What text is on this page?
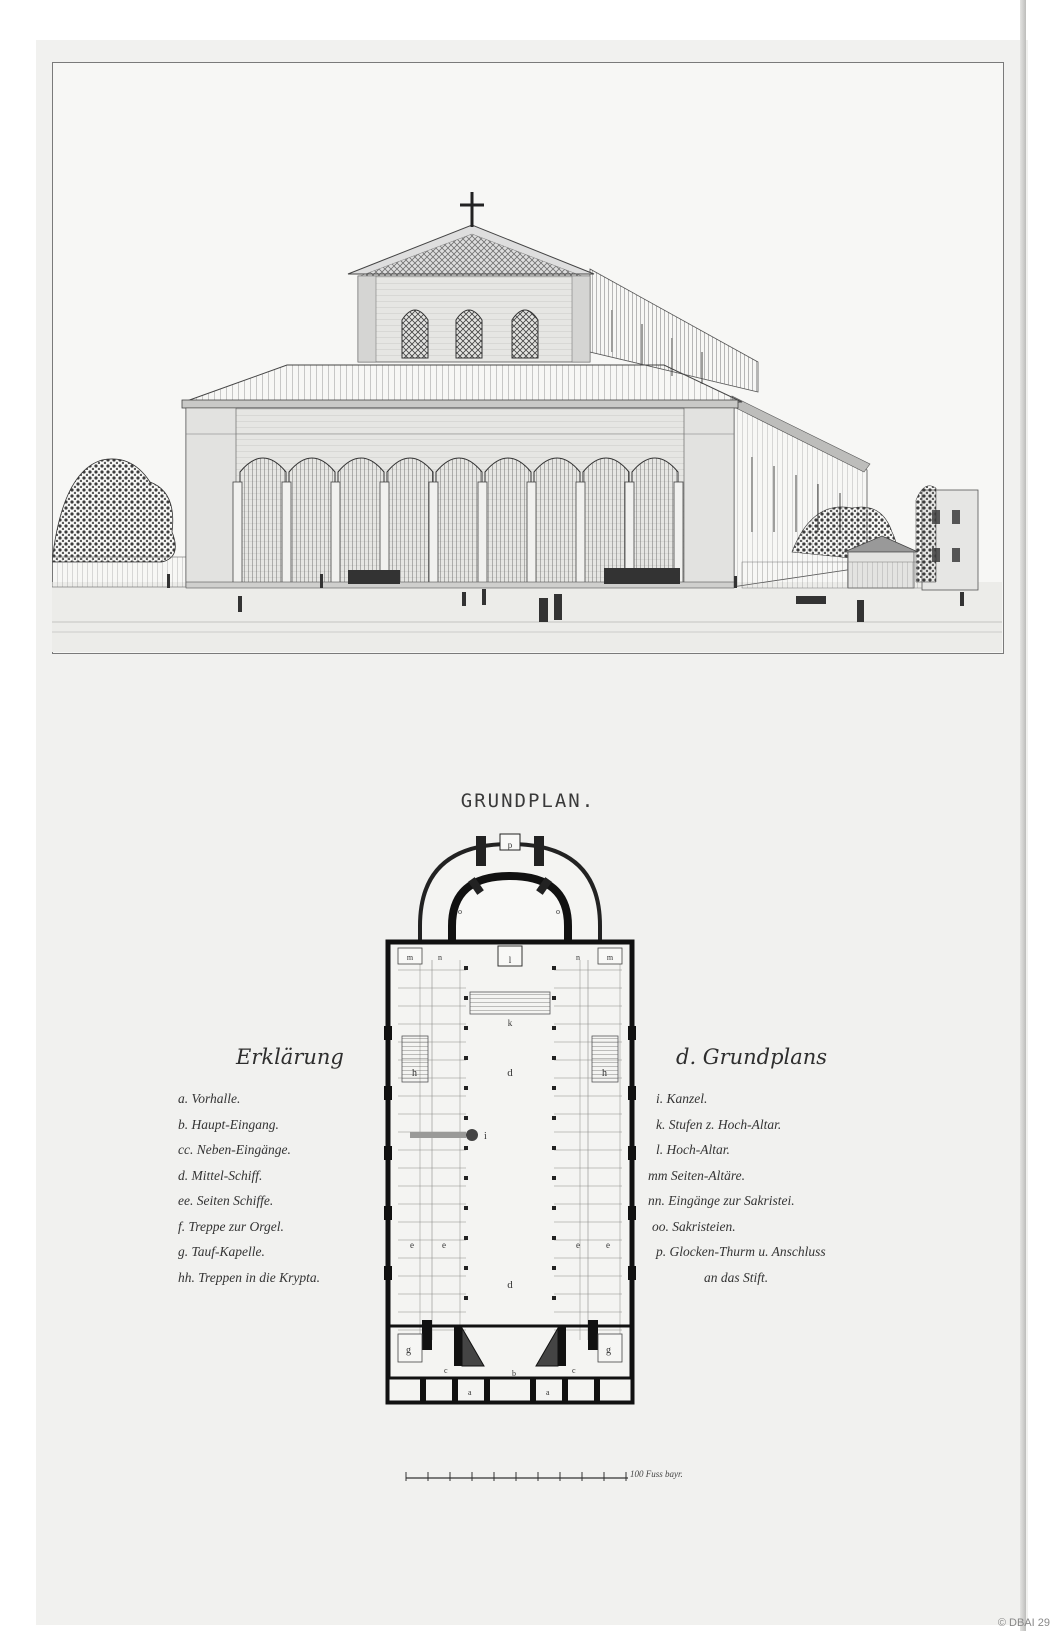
GRUNDPLAN.
Erklärung	d. Grundplans
a. Vorhalle.
b. Haupt-Eingang.
cc. Neben-Eingänge.
d. Mittel-Schiff.
ee. Seiten Schiffe.
f. Treppe zur Orgel.
g. Tauf-Kapelle.
hh. Treppen in die Krypta.
i. Kanzel.
k. Stufen z. Hoch-Altar.
l. Hoch-Altar.
mm Seiten-Altäre.
nn. Eingänge zur Sakristei.
oo. Sakristeien.
p. Glocken-Thurm u. Anschluss
an das Stift.
p
l
k
h	h
m	m
n	n
o	o
i
d
d
e	e	e	e
g	g
c	c
b
a	a
100 Fuss bayr.
© DBAI 29
